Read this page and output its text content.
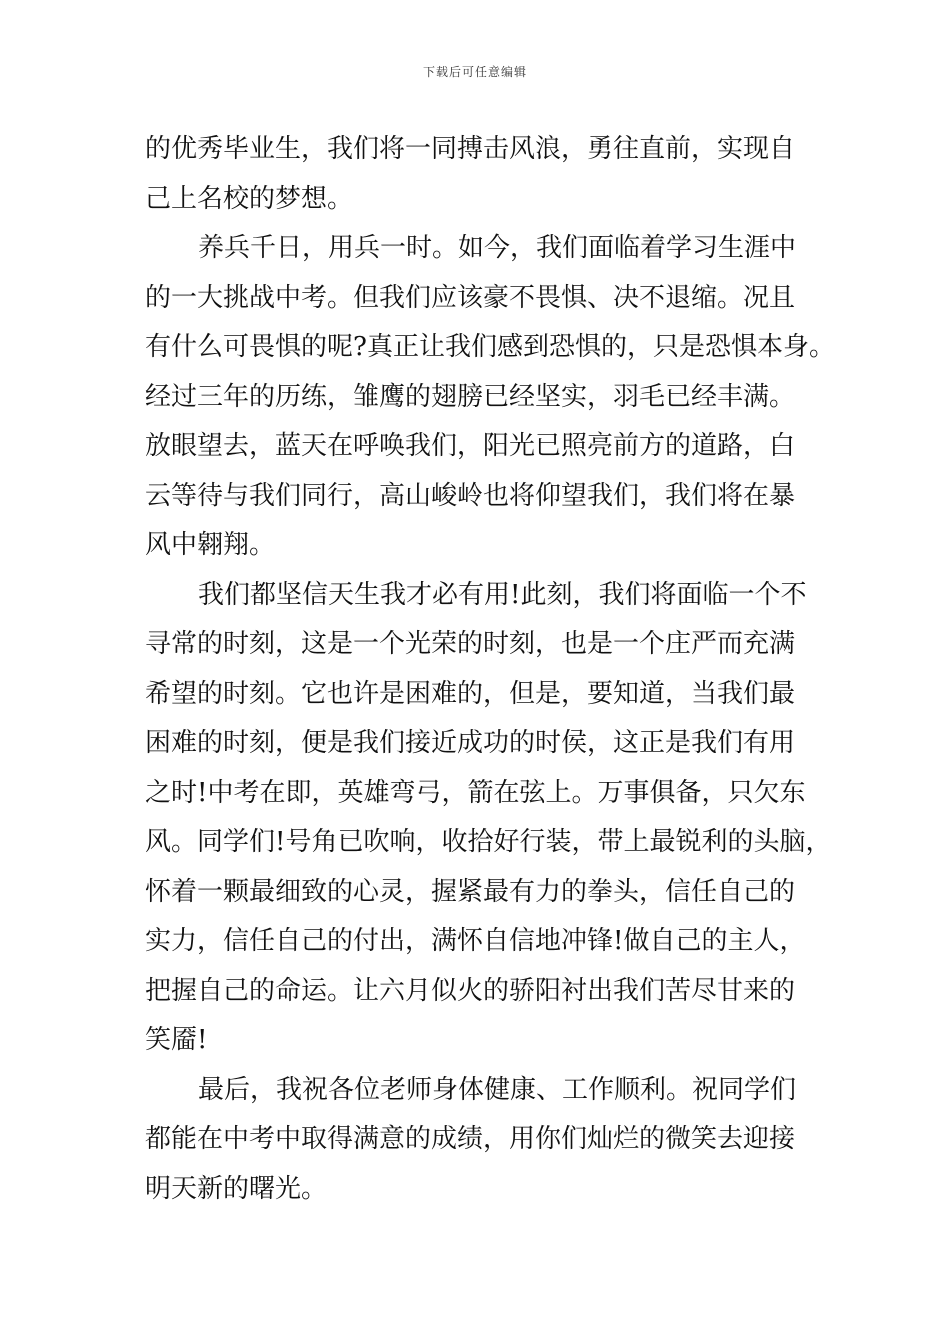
下载后可任意编辑
的优秀毕业生，我们将一同搏击风浪，勇往直前，实现自
己上名校的梦想。
养兵千日，用兵一时。如今，我们面临着学习生涯中
的一大挑战中考。但我们应该豪不畏惧、决不退缩。况且
有什么可畏惧的呢?真正让我们感到恐惧的，只是恐惧本身。
经过三年的历练，雏鹰的翅膀已经坚实，羽毛已经丰满。
放眼望去，蓝天在呼唤我们，阳光已照亮前方的道路，白
云等待与我们同行，高山峻岭也将仰望我们，我们将在暴
风中翱翔。
我们都坚信天生我才必有用!此刻，我们将面临一个不
寻常的时刻，这是一个光荣的时刻，也是一个庄严而充满
希望的时刻。它也许是困难的，但是，要知道，当我们最
困难的时刻，便是我们接近成功的时侯，这正是我们有用
之时!中考在即，英雄弯弓，箭在弦上。万事俱备，只欠东
风。同学们!号角已吹响，收拾好行装，带上最锐利的头脑，
怀着一颗最细致的心灵，握紧最有力的拳头，信任自己的
实力，信任自己的付出，满怀自信地冲锋!做自己的主人，
把握自己的命运。让六月似火的骄阳衬出我们苦尽甘来的
笑靥!
最后，我祝各位老师身体健康、工作顺利。祝同学们
都能在中考中取得满意的成绩，用你们灿烂的微笑去迎接
明天新的曙光。
